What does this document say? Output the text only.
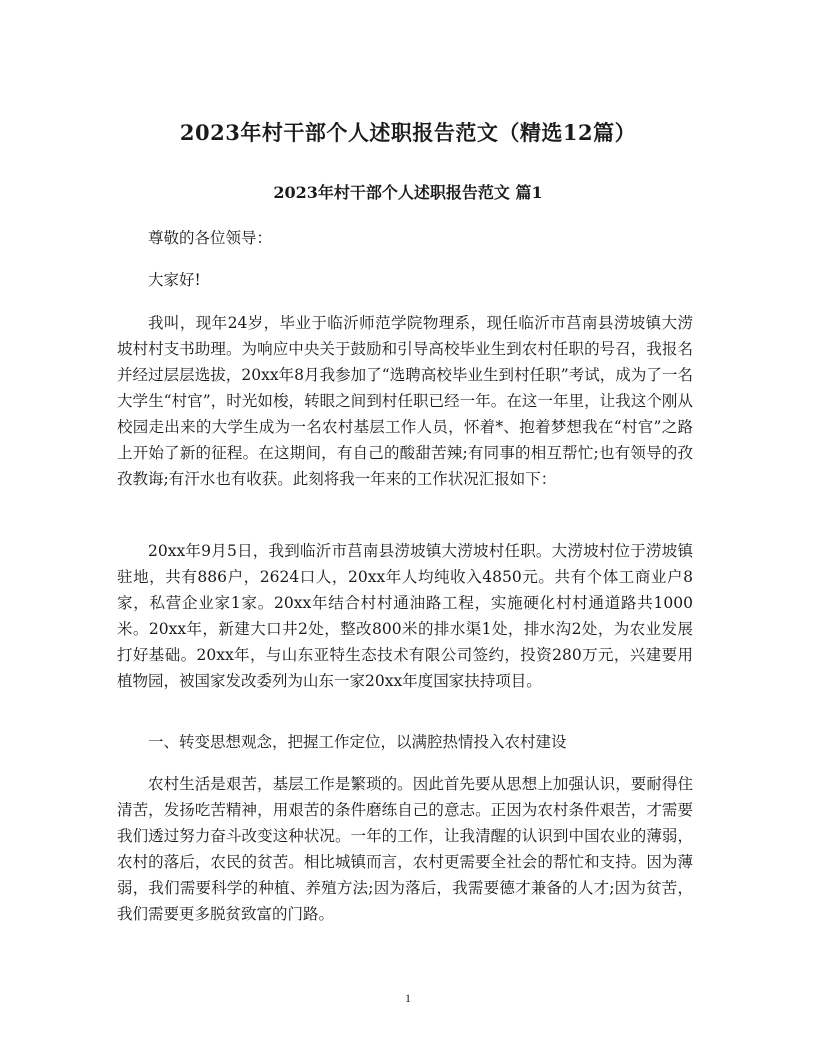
2023年村干部个人述职报告范文（精选12篇）
2023年村干部个人述职报告范文 篇1

尊敬的各位领导：

大家好!

我叫，现年24岁，毕业于临沂师范学院物理系，现任临沂市莒南县涝坡镇大涝坡村村支书助理。为响应中央关于鼓励和引导高校毕业生到农村任职的号召，我报名并经过层层选拔，20xx年8月我参加了“选聘高校毕业生到村任职”考试，成为了一名大学生“村官”，时光如梭，转眼之间到村任职已经一年。在这一年里，让我这个刚从校园走出来的大学生成为一名农村基层工作人员，怀着*、抱着梦想我在“村官”之路上开始了新的征程。在这期间，有自己的酸甜苦辣;有同事的相互帮忙;也有领导的孜孜教诲;有汗水也有收获。此刻将我一年来的工作状况汇报如下：

20xx年9月5日，我到临沂市莒南县涝坡镇大涝坡村任职。大涝坡村位于涝坡镇驻地，共有886户，2624口人，20xx年人均纯收入4850元。共有个体工商业户8家，私营企业家1家。20xx年结合村村通油路工程，实施硬化村村通道路共1000米。20xx年，新建大口井2处，整改800米的排水渠1处，排水沟2处，为农业发展打好基础。20xx年，与山东亚特生态技术有限公司签约，投资280万元，兴建要用植物园，被国家发改委列为山东一家20xx年度国家扶持项目。

一、转变思想观念，把握工作定位，以满腔热情投入农村建设

农村生活是艰苦，基层工作是繁琐的。因此首先要从思想上加强认识，要耐得住清苦，发扬吃苦精神，用艰苦的条件磨练自己的意志。正因为农村条件艰苦，才需要我们透过努力奋斗改变这种状况。一年的工作，让我清醒的认识到中国农业的薄弱，农村的落后，农民的贫苦。相比城镇而言，农村更需要全社会的帮忙和支持。因为薄弱，我们需要科学的种植、养殖方法;因为落后，我需要德才兼备的人才;因为贫苦，我们需要更多脱贫致富的门路。

1
